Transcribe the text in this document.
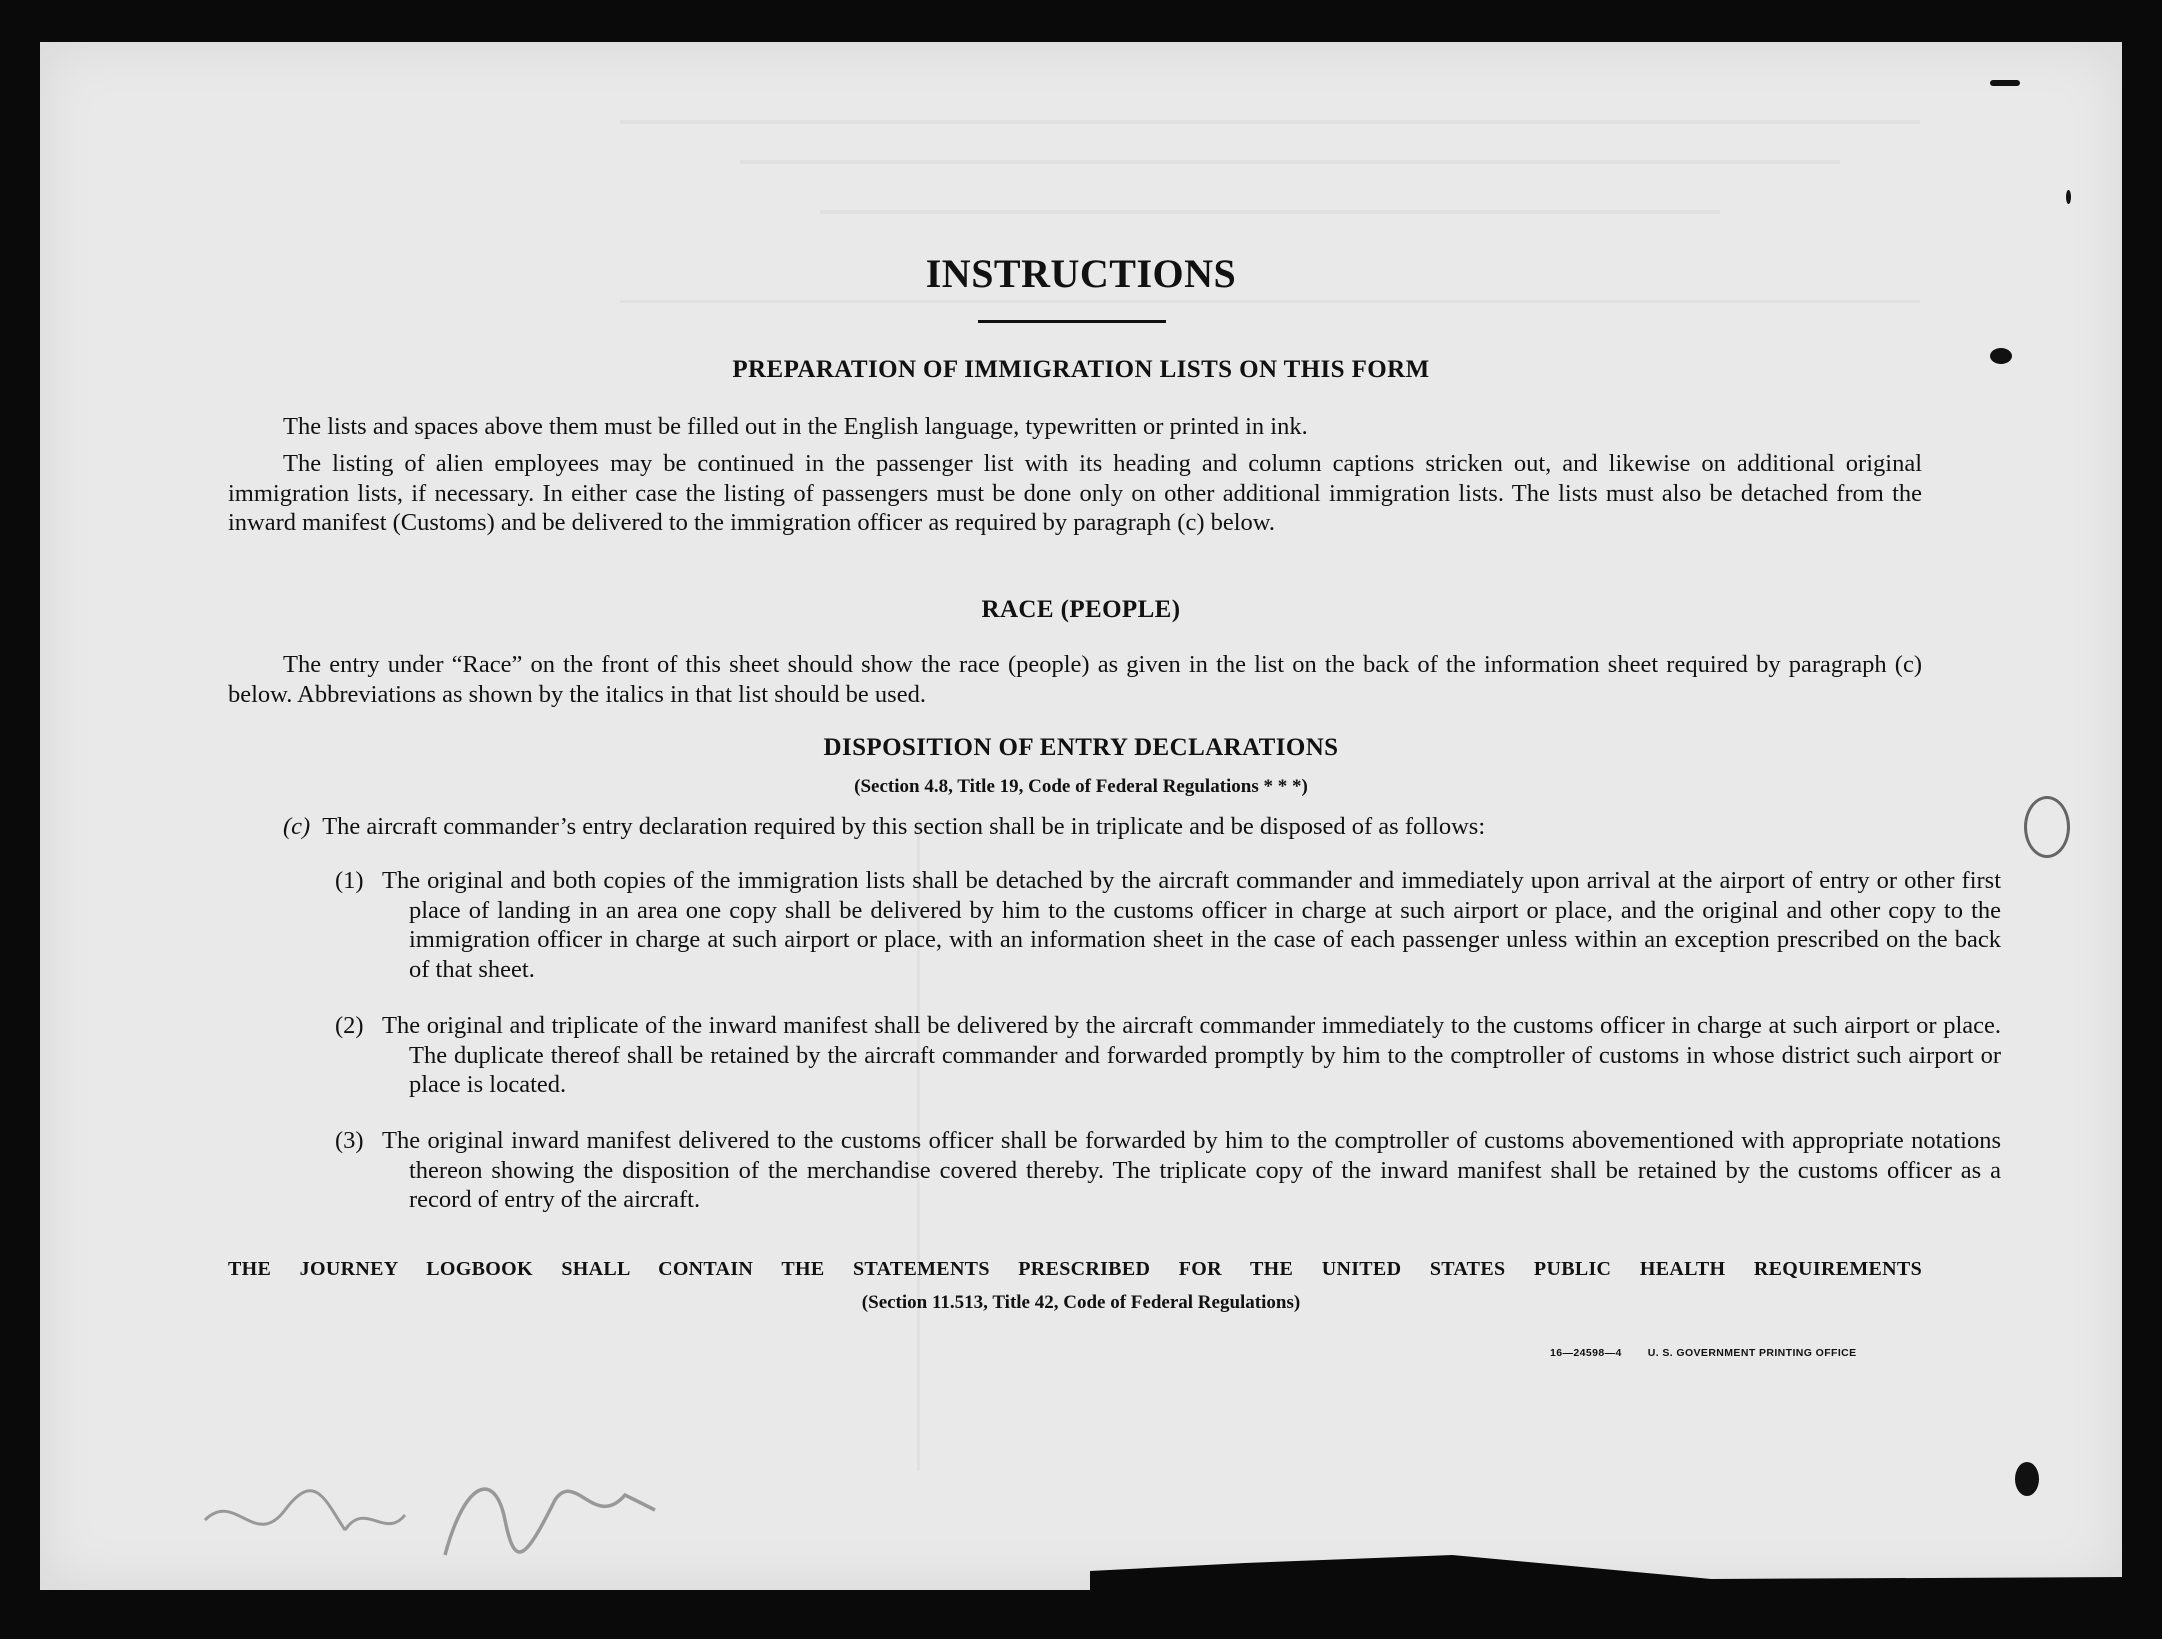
INSTRUCTIONS
PREPARATION OF IMMIGRATION LISTS ON THIS FORM
The lists and spaces above them must be filled out in the English language, typewritten or printed in ink.
The listing of alien employees may be continued in the passenger list with its heading and column captions stricken out, and likewise on additional original immigration lists, if necessary. In either case the listing of passengers must be done only on other additional immigration lists. The lists must also be detached from the inward manifest (Customs) and be delivered to the immigration officer as required by paragraph (c) below.
RACE (PEOPLE)
The entry under “Race” on the front of this sheet should show the race (people) as given in the list on the back of the information sheet required by paragraph (c) below. Abbreviations as shown by the italics in that list should be used.
DISPOSITION OF ENTRY DECLARATIONS
(Section 4.8, Title 19, Code of Federal Regulations * * *)
(c) The aircraft commander’s entry declaration required by this section shall be in triplicate and be disposed of as follows:
(1) The original and both copies of the immigration lists shall be detached by the aircraft commander and immediately upon arrival at the airport of entry or other first place of landing in an area one copy shall be delivered by him to the customs officer in charge at such airport or place, and the original and other copy to the immigration officer in charge at such airport or place, with an information sheet in the case of each passenger unless within an exception prescribed on the back of that sheet.
(2) The original and triplicate of the inward manifest shall be delivered by the aircraft commander immediately to the customs officer in charge at such airport or place. The duplicate thereof shall be retained by the aircraft commander and forwarded promptly by him to the comptroller of customs in whose district such airport or place is located.
(3) The original inward manifest delivered to the customs officer shall be forwarded by him to the comptroller of customs abovementioned with appropriate notations thereon showing the disposition of the merchandise covered thereby. The triplicate copy of the inward manifest shall be retained by the customs officer as a record of entry of the aircraft.
THE JOURNEY LOGBOOK SHALL CONTAIN THE STATEMENTS PRESCRIBED FOR THE UNITED STATES PUBLIC HEALTH REQUIREMENTS
(Section 11.513, Title 42, Code of Federal Regulations)
16—24598—4 U. S. GOVERNMENT PRINTING OFFICE
